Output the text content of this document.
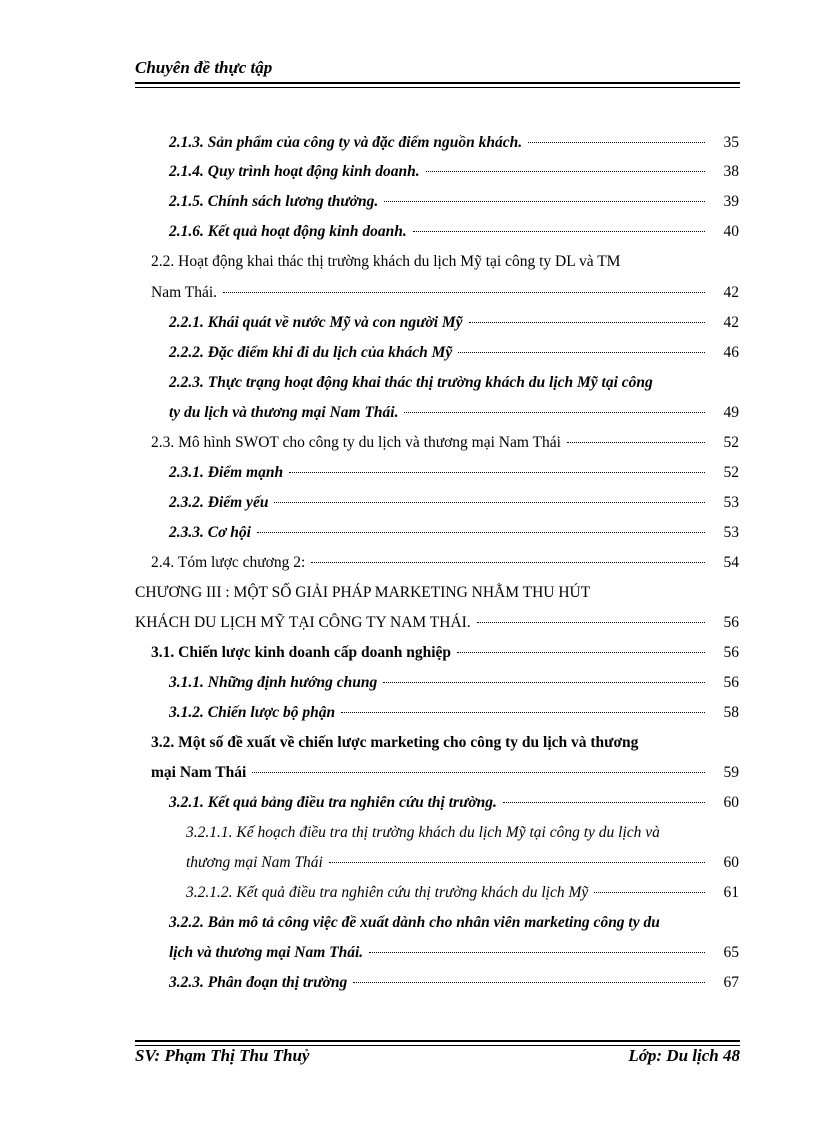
Chuyên đề thực tập
2.1.3. Sản phẩm của công ty và đặc điểm nguồn khách.	35
2.1.4. Quy trình hoạt động kinh doanh.	38
2.1.5. Chính sách lương thưởng.	39
2.1.6. Kết quả hoạt động kinh doanh.	40
2.2. Hoạt động khai thác thị trường khách du lịch Mỹ tại công ty DL và TM
Nam Thái.	42
2.2.1. Khái quát về nước Mỹ và con người Mỹ	42
2.2.2. Đặc điểm khi đi du lịch của khách Mỹ	46
2.2.3. Thực trạng hoạt động khai thác thị trường khách du lịch Mỹ tại công
ty du lịch và thương mại Nam Thái.	49
2.3. Mô hình SWOT cho công ty du lịch và thương mại Nam Thái	52
2.3.1. Điểm mạnh	52
2.3.2. Điểm yếu	53
2.3.3. Cơ hội	53
2.4. Tóm lược chương 2:	54
CHƯƠNG III : MỘT SỐ GIẢI PHÁP MARKETING NHẰM THU HÚT
KHÁCH DU LỊCH MỸ TẠI CÔNG TY NAM THÁI.	56
3.1. Chiến lược kinh doanh cấp doanh nghiệp	56
3.1.1. Những định hướng chung	56
3.1.2. Chiến lược bộ phận	58
3.2. Một số đề xuất về chiến lược marketing cho công ty du lịch và thương
mại Nam Thái	59
3.2.1. Kết quả bảng điều tra nghiên cứu thị trường.	60
3.2.1.1. Kế hoạch điều tra thị trường khách du lịch Mỹ tại công ty du lịch và
thương mại Nam Thái	60
3.2.1.2. Kết quả điều tra nghiên cứu thị trường khách du lịch Mỹ	61
3.2.2. Bản mô tả công việc đề xuất dành cho nhân viên marketing công ty du
lịch và thương mại Nam Thái.	65
3.2.3. Phân đoạn thị trường	67
SV: Phạm Thị Thu Thuỷ	Lớp: Du lịch 48
